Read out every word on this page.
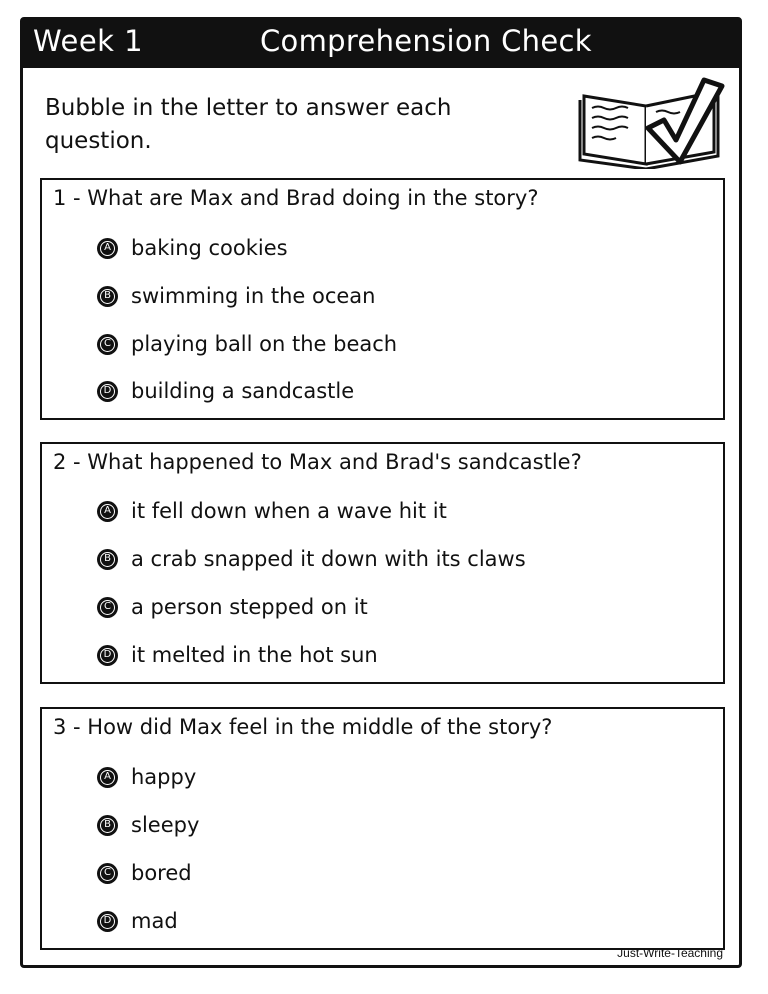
Week 1	Comprehension Check
Bubble in the letter to answer each question.
1 - What are Max and Brad doing in the story?
A baking cookies
B swimming in the ocean
C playing ball on the beach
D building a sandcastle
2 - What happened to Max and Brad's sandcastle?
A it fell down when a wave hit it
B a crab snapped it down with its claws
C a person stepped on it
D it melted in the hot sun
3 - How did Max feel in the middle of the story?
A happy
B sleepy
C bored
D mad
Just-Write-Teaching
